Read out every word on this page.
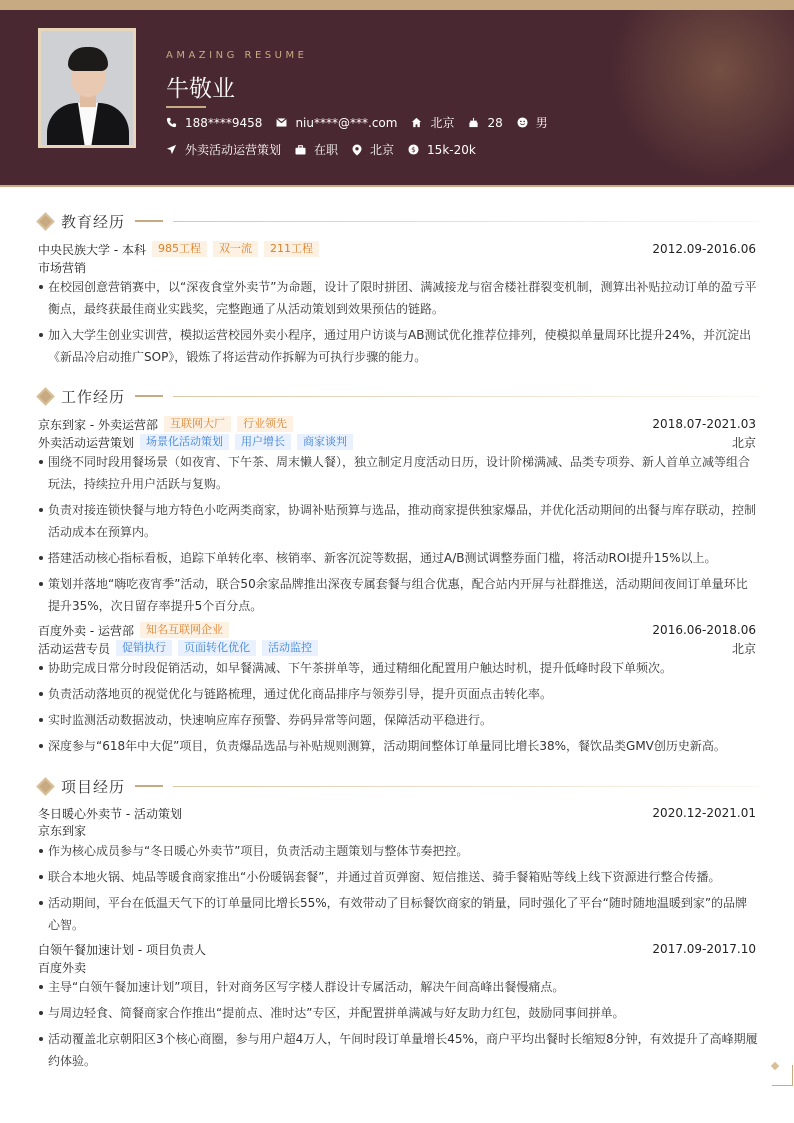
AMAZING RESUME
牛敬业
188****9458	niu****@***.com	北京	28	男
外卖活动运营策划	在职	北京 $ 15k-20k
教育经历
中央民族大学 - 本科	985工程	双一流	211工程	2012.09-2016.06
市场营销
在校园创意营销赛中，以“深夜食堂外卖节”为命题，设计了限时拼团、满减接龙与宿舍楼社群裂变机制，测算出补贴拉动订单的盈亏平衡点，最终获最佳商业实践奖，完整跑通了从活动策划到效果预估的链路。
加入大学生创业实训营，模拟运营校园外卖小程序，通过用户访谈与AB测试优化推荐位排列，使模拟单量周环比提升24%，并沉淀出《新品冷启动推广SOP》，锻炼了将运营动作拆解为可执行步骤的能力。
工作经历
京东到家 - 外卖运营部	互联网大厂	行业领先	2018.07-2021.03
外卖活动运营策划	场景化活动策划	用户增长	商家谈判	北京
围绕不同时段用餐场景（如夜宵、下午茶、周末懒人餐），独立制定月度活动日历，设计阶梯满减、品类专项券、新人首单立减等组合玩法，持续拉升用户活跃与复购。
负责对接连锁快餐与地方特色小吃两类商家，协调补贴预算与选品，推动商家提供独家爆品，并优化活动期间的出餐与库存联动，控制活动成本在预算内。
搭建活动核心指标看板，追踪下单转化率、核销率、新客沉淀等数据，通过A/B测试调整券面门槛，将活动ROI提升15%以上。
策划并落地“嗨吃夜宵季”活动，联合50余家品牌推出深夜专属套餐与组合优惠，配合站内开屏与社群推送，活动期间夜间订单量环比提升35%，次日留存率提升5个百分点。
百度外卖 - 运营部	知名互联网企业	2016.06-2018.06
活动运营专员	促销执行	页面转化优化	活动监控	北京
协助完成日常分时段促销活动，如早餐满减、下午茶拼单等，通过精细化配置用户触达时机，提升低峰时段下单频次。
负责活动落地页的视觉优化与链路梳理，通过优化商品排序与领券引导，提升页面点击转化率。
实时监测活动数据波动，快速响应库存预警、券码异常等问题，保障活动平稳进行。
深度参与“618年中大促”项目，负责爆品选品与补贴规则测算，活动期间整体订单量同比增长38%，餐饮品类GMV创历史新高。
项目经历
冬日暖心外卖节 - 活动策划	2020.12-2021.01
京东到家
作为核心成员参与“冬日暖心外卖节”项目，负责活动主题策划与整体节奏把控。
联合本地火锅、炖品等暖食商家推出“小份暖锅套餐”，并通过首页弹窗、短信推送、骑手餐箱贴等线上线下资源进行整合传播。
活动期间，平台在低温天气下的订单量同比增长55%，有效带动了目标餐饮商家的销量，同时强化了平台“随时随地温暖到家”的品牌心智。
白领午餐加速计划 - 项目负责人	2017.09-2017.10
百度外卖
主导“白领午餐加速计划”项目，针对商务区写字楼人群设计专属活动，解决午间高峰出餐慢痛点。
与周边轻食、简餐商家合作推出“提前点、准时达”专区，并配置拼单满减与好友助力红包，鼓励同事间拼单。
活动覆盖北京朝阳区3个核心商圈，参与用户超4万人，午间时段订单量增长45%，商户平均出餐时长缩短8分钟，有效提升了高峰期履约体验。
